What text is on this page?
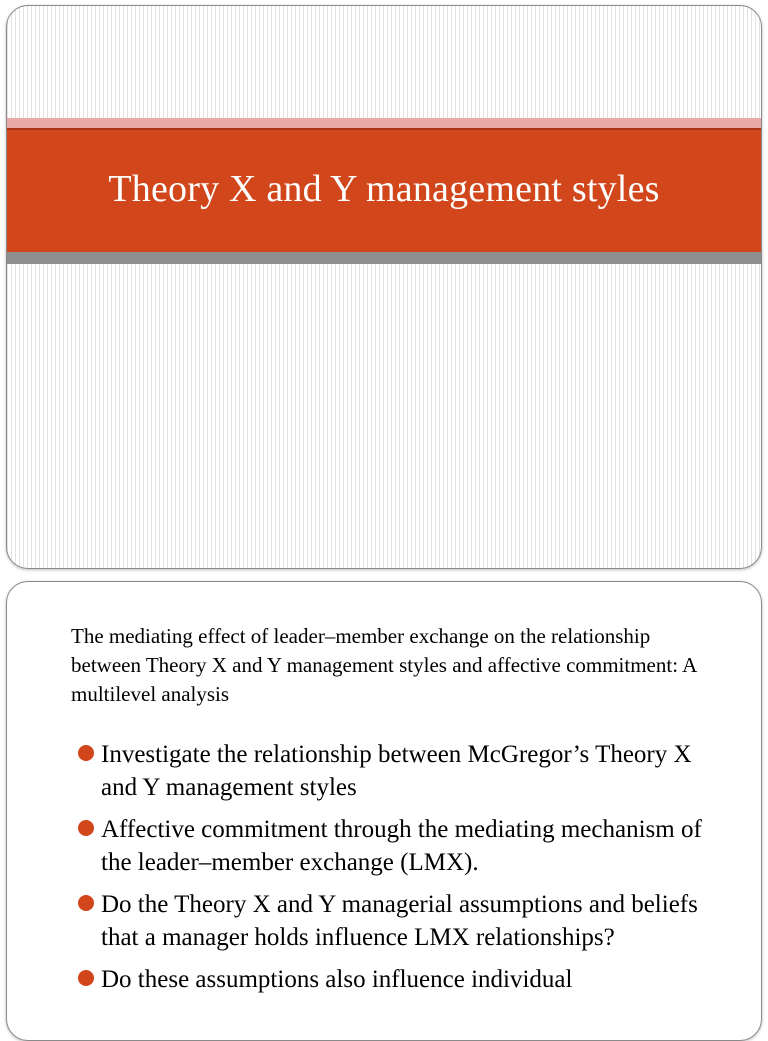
Theory X and Y management styles
The mediating effect of leader–member exchange on the relationship between Theory X and Y management styles and affective commitment: A multilevel analysis
Investigate the relationship between McGregor’s Theory X and Y management styles
Affective commitment through the mediating mechanism of the leader–member exchange (LMX).
Do the Theory X and Y managerial assumptions and beliefs that a manager holds influence LMX relationships?
Do these assumptions also influence individual
